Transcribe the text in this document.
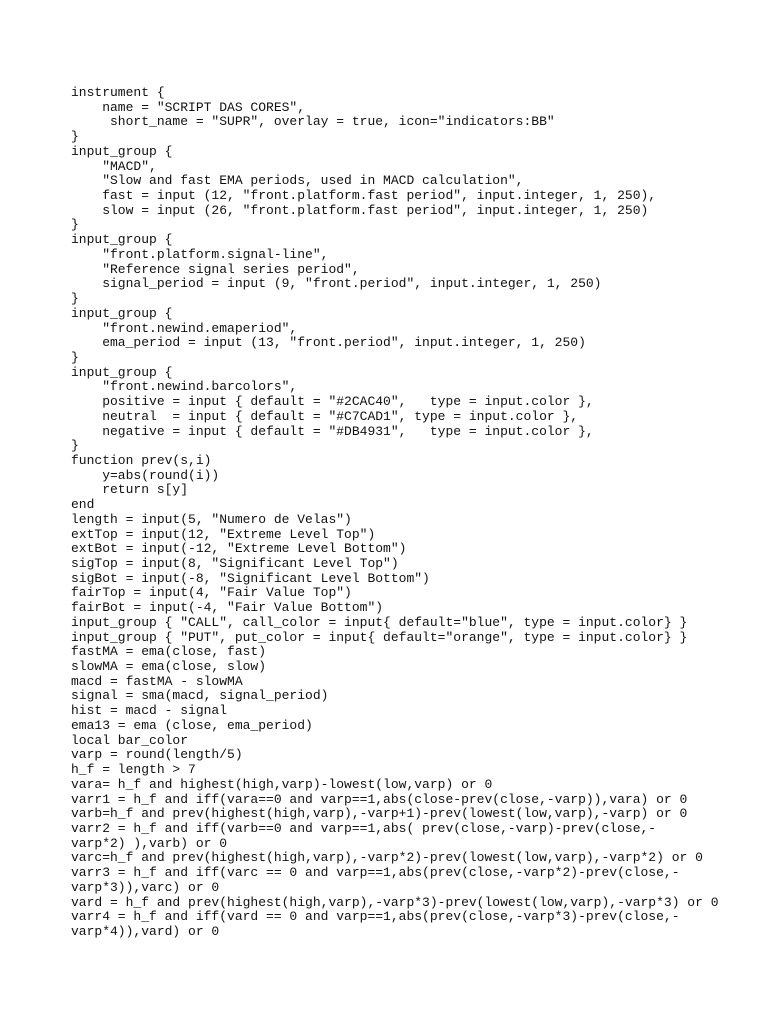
instrument {
name = "SCRIPT DAS CORES",
short_name = "SUPR", overlay = true, icon="indicators:BB"
}
input_group {
"MACD",
"Slow and fast EMA periods, used in MACD calculation",
fast = input (12, "front.platform.fast period", input.integer, 1, 250),
slow = input (26, "front.platform.fast period", input.integer, 1, 250)
}
input_group {
"front.platform.signal-line",
"Reference signal series period",
signal_period = input (9, "front.period", input.integer, 1, 250)
}
input_group {
"front.newind.emaperiod",
ema_period = input (13, "front.period", input.integer, 1, 250)
}
input_group {
"front.newind.barcolors",
positive = input { default = "#2CAC40",   type = input.color },
neutral  = input { default = "#C7CAD1", type = input.color },
negative = input { default = "#DB4931",   type = input.color },
}
function prev(s,i)
y=abs(round(i))
return s[y]
end
length = input(5, "Numero de Velas")
extTop = input(12, "Extreme Level Top")
extBot = input(-12, "Extreme Level Bottom")
sigTop = input(8, "Significant Level Top")
sigBot = input(-8, "Significant Level Bottom")
fairTop = input(4, "Fair Value Top")
fairBot = input(-4, "Fair Value Bottom")
input_group { "CALL", call_color = input{ default="blue", type = input.color} }
input_group { "PUT", put_color = input{ default="orange", type = input.color} }
fastMA = ema(close, fast)
slowMA = ema(close, slow)
macd = fastMA - slowMA
signal = sma(macd, signal_period)
hist = macd - signal
ema13 = ema (close, ema_period)
local bar_color
varp = round(length/5)
h_f = length > 7
vara= h_f and highest(high,varp)-lowest(low,varp) or 0
varr1 = h_f and iff(vara==0 and varp==1,abs(close-prev(close,-varp)),vara) or 0
varb=h_f and prev(highest(high,varp),-varp+1)-prev(lowest(low,varp),-varp) or 0
varr2 = h_f and iff(varb==0 and varp==1,abs( prev(close,-varp)-prev(close,-
varp*2) ),varb) or 0
varc=h_f and prev(highest(high,varp),-varp*2)-prev(lowest(low,varp),-varp*2) or 0
varr3 = h_f and iff(varc == 0 and varp==1,abs(prev(close,-varp*2)-prev(close,-
varp*3)),varc) or 0
vard = h_f and prev(highest(high,varp),-varp*3)-prev(lowest(low,varp),-varp*3) or 0
varr4 = h_f and iff(vard == 0 and varp==1,abs(prev(close,-varp*3)-prev(close,-
varp*4)),vard) or 0
